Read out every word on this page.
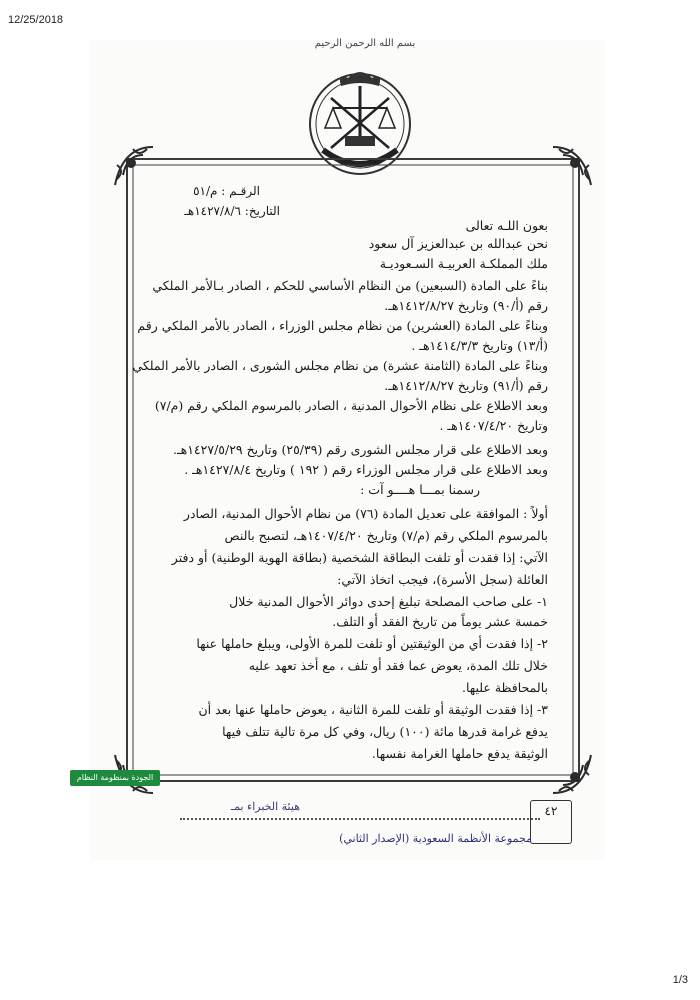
12/25/2018
بسم الله الرحمن الرحيم
الرقـم : م/٥١
التاريخ: ١٤٢٧/٨/٦هـ
بعون اللـه تعالى
نحن عبدالله بن عبدالعزيز آل سعود
ملك المملكـة العربيـة السـعوديـة
بناءً على المادة (السبعين) من النظام الأساسي للحكم ، الصادر بـالأمر الملكي
رقم (أ/٩٠) وتاريخ ١٤١٢/٨/٢٧هـ.
وبناءً على المادة (العشرين) من نظام مجلس الوزراء ، الصادر بالأمر الملكي رقم
(أ/١٣) وتاريخ ١٤١٤/٣/٣هـ .
وبناءً على المادة (الثامنة عشرة) من نظام مجلس الشورى ، الصادر بالأمر الملكي
رقم (أ/٩١) وتاريخ ١٤١٢/٨/٢٧هـ.
وبعد الاطلاع على نظام الأحوال المدنية ، الصادر بالمرسوم الملكي رقم (م/٧)
وتاريخ ١٤٠٧/٤/٢٠هـ .
وبعد الاطلاع على قرار مجلس الشورى رقم (٢٥/٣٩) وتاريخ ١٤٢٧/٥/٢٩هـ.
وبعد الاطلاع على قرار مجلس الوزراء رقم ( ١٩٢ ) وتاريخ ١٤٢٧/٨/٤هـ .
رسمنا بمـــا هــــو آت :
أولاً : الموافقة على تعديل المادة (٧٦) من نظام الأحوال المدنية، الصادر
بالمرسوم الملكي رقم (م/٧) وتاريخ ١٤٠٧/٤/٢٠هـ، لتصبح بالنص
الآتي: إذا فقدت أو تلفت البطاقة الشخصية (بطاقة الهوية الوطنية) أو دفتر
العائلة (سجل الأسرة)، فيجب اتخاذ الآتي:
١- على صاحب المصلحة تبليغ إحدى دوائر الأحوال المدنية خلال
خمسة عشر يوماً من تاريخ الفقد أو التلف.
٢- إذا فقدت أي من الوثيقتين أو تلفت للمرة الأولى، ويبلغ حاملها عنها
خلال تلك المدة، يعوض عما فقد أو تلف ، مع أخذ تعهد عليه
بالمحافظة عليها.
٣- إذا فقدت الوثيقة أو تلفت للمرة الثانية ، يعوض حاملها عنها بعد أن
يدفع غرامة قدرها مائة (١٠٠) ريال، وفي كل مرة تالية تتلف فيها
الوثيقة يدفع حاملها الغرامة نفسها.
الجودة بمنظومة النظام
هيئة الخبراء بمـ	٤٢
مجموعة الأنظمة السعودية (الإصدار الثاني)
1/3
